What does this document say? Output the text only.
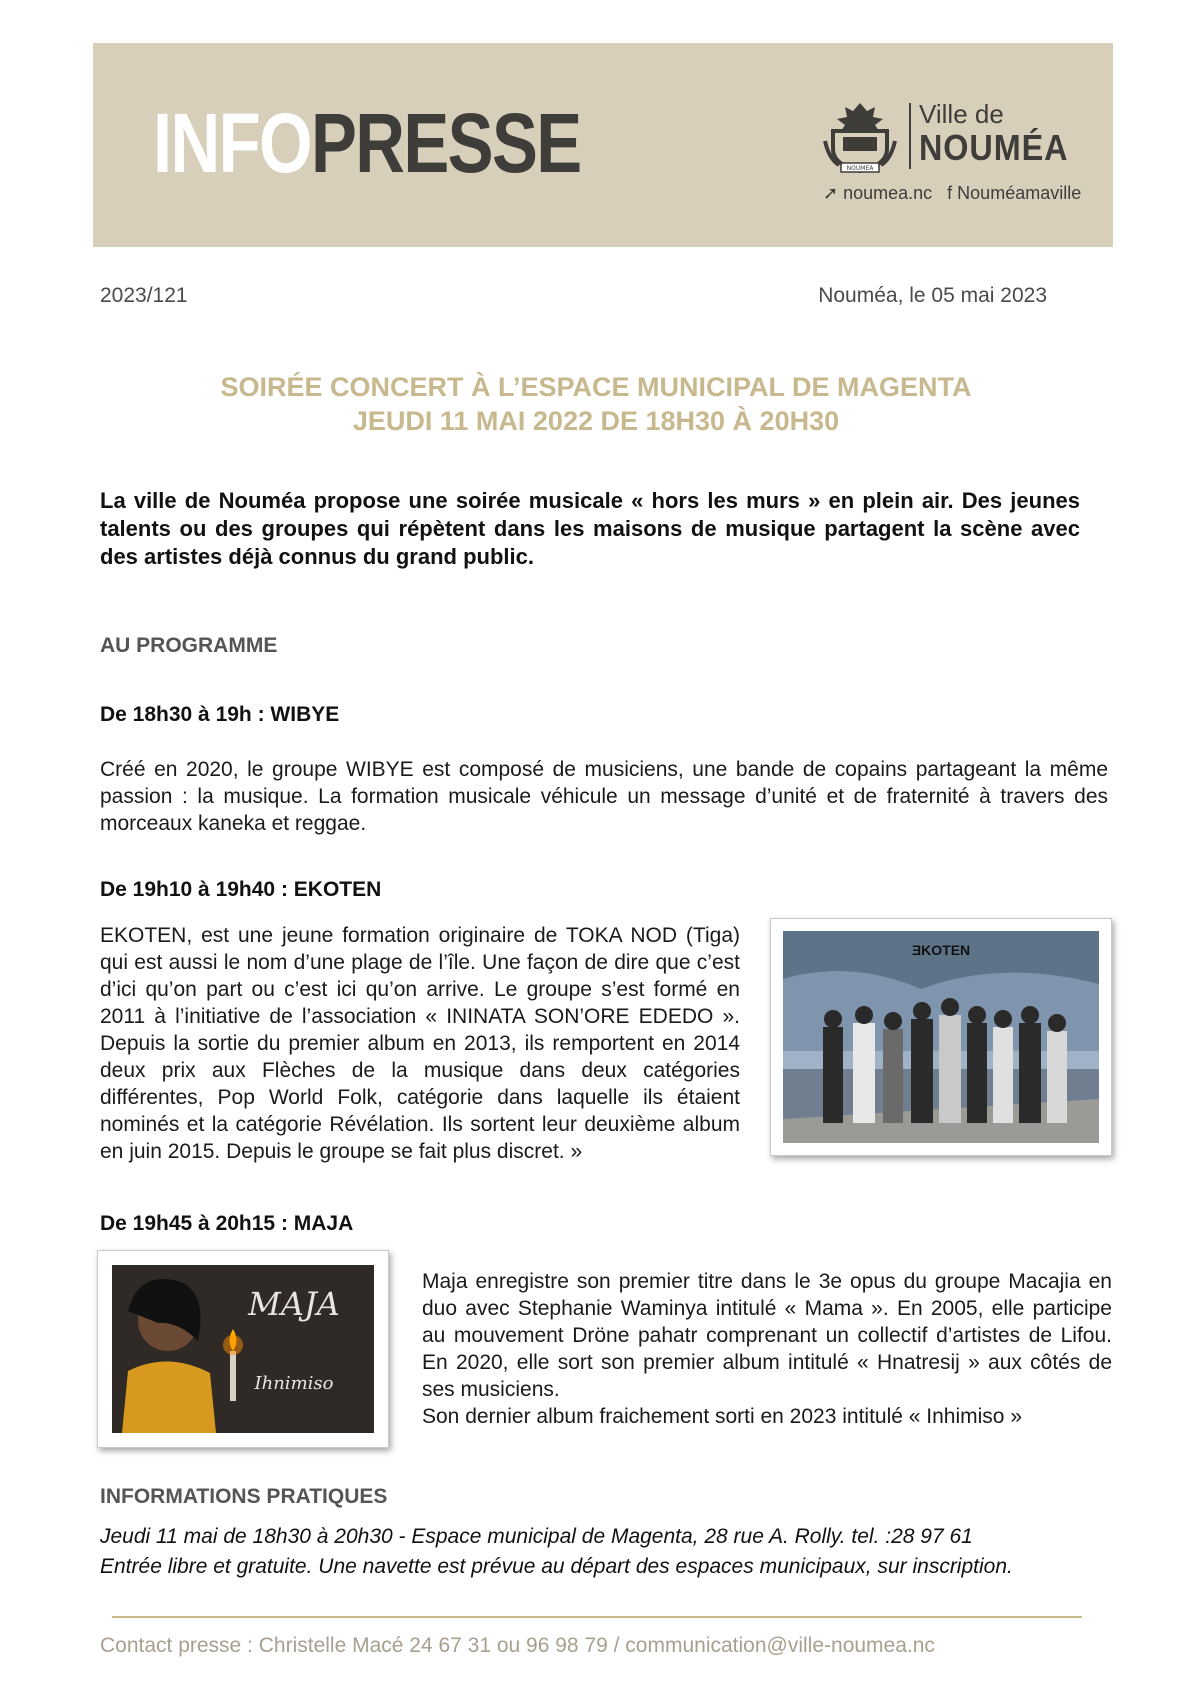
INFOPRESSE	NOUMEA
Ville de
NOUMÉA
➚ noumea.nc f Nouméamaville
2023/121	Nouméa, le 05 mai 2023
SOIRÉE CONCERT À L’ESPACE MUNICIPAL DE MAGENTA
JEUDI 11 MAI 2022 DE 18H30 À 20H30
La ville de Nouméa propose une soirée musicale « hors les murs » en plein air. Des jeunes talents ou des groupes qui répètent dans les maisons de musique partagent la scène avec des artistes déjà connus du grand public.
AU PROGRAMME
De 18h30 à 19h : WIBYE
Créé en 2020, le groupe WIBYE est composé de musiciens, une bande de copains partageant la même passion : la musique. La formation musicale véhicule un message d’unité et de fraternité à travers des morceaux kaneka et reggae.
De 19h10 à 19h40 : EKOTEN
EKOTEN, est une jeune formation originaire de TOKA NOD (Tiga) qui est aussi le nom d’une plage de l’île. Une façon de dire que c’est d’ici qu’on part ou c’est ici qu’on arrive. Le groupe s’est formé en 2011 à l’initiative de l’association « ININATA SON’ORE EDEDO ». Depuis la sortie du premier album en 2013, ils remportent en 2014 deux prix aux Flèches de la musique dans deux catégories différentes, Pop World Folk, catégorie dans laquelle ils étaient nominés et la catégorie Révélation. Ils sortent leur deuxième album en juin 2015. Depuis le groupe se fait plus discret. »
ƎKOTEN
De 19h45 à 20h15 : MAJA
MAJA
Ihnimiso
Maja enregistre son premier titre dans le 3e opus du groupe Macajia en duo avec Stephanie Waminya intitulé « Mama ». En 2005, elle participe au mouvement Dröne pahatr comprenant un collectif d’artistes de Lifou. En 2020, elle sort son premier album intitulé « Hnatresij » aux côtés de ses musiciens.
Son dernier album fraichement sorti en 2023 intitulé « Inhimiso »
INFORMATIONS PRATIQUES
Jeudi 11 mai de 18h30 à 20h30 - Espace municipal de Magenta, 28 rue A. Rolly. tel. :28 97 61
Entrée libre et gratuite. Une navette est prévue au départ des espaces municipaux, sur inscription.
Contact presse : Christelle Macé 24 67 31 ou 96 98 79 / communication@ville-noumea.nc
